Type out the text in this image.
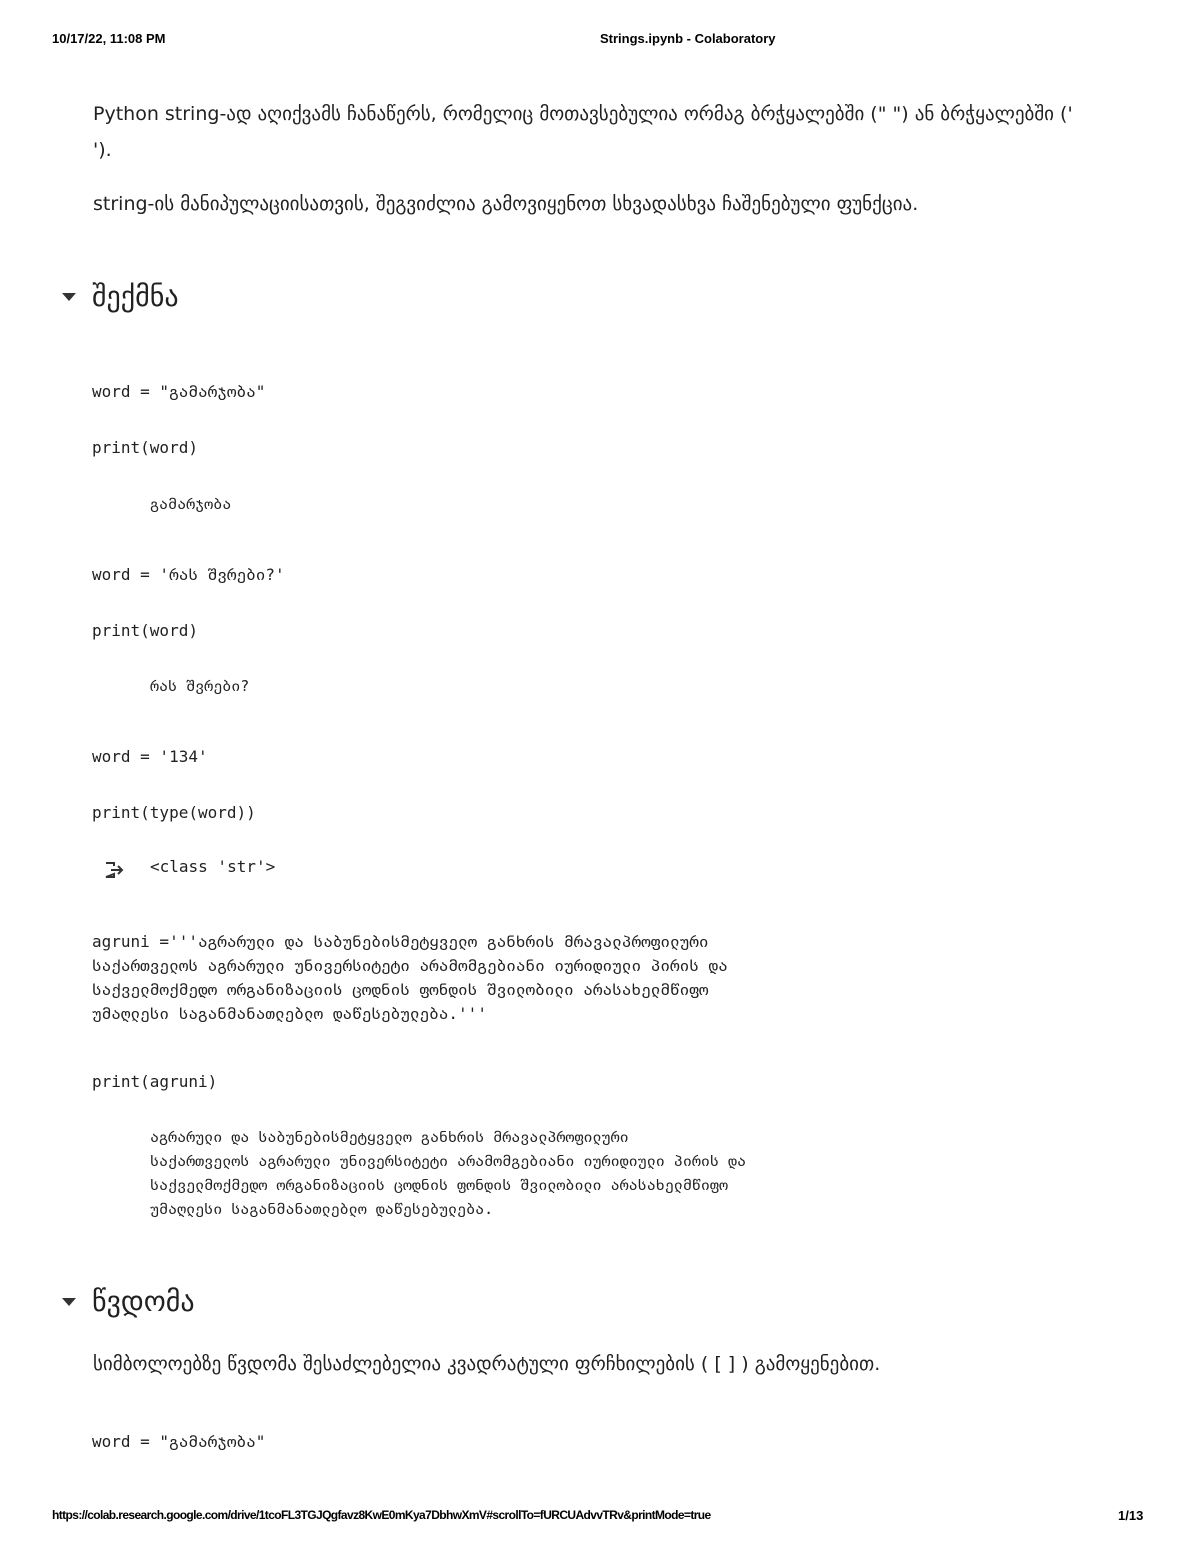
10/17/22, 11:08 PM	Strings.ipynb - Colaboratory
Python string-ად აღიქვამს ჩანაწერს, რომელიც მოთავსებულია ორმაგ ბრჭყალებში (" ") ან ბრჭყალებში (' ').
string-ის მანიპულაციისათვის, შეგვიძლია გამოვიყენოთ სხვადასხვა ჩაშენებული ფუნქცია.
შექმნა
word = "გამარჯობა"
print(word)
გამარჯობა
word = 'რას შვრები?'
print(word)
რას შვრები?
word = '134'
print(type(word))
<class 'str'>
agruni ='''აგრარული და საბუნებისმეტყველო განხრის მრავალპროფილური
საქართველოს აგრარული უნივერსიტეტი არამომგებიანი იურიდიული პირის და
საქველმოქმედო ორგანიზაციის ცოდნის ფონდის შვილობილი არასახელმწიფო
უმაღლესი საგანმანათლებლო დაწესებულება.'''
print(agruni)
აგრარული და საბუნებისმეტყველო განხრის მრავალპროფილური
საქართველოს აგრარული უნივერსიტეტი არამომგებიანი იურიდიული პირის და
საქველმოქმედო ორგანიზაციის ცოდნის ფონდის შვილობილი არასახელმწიფო
უმაღლესი საგანმანათლებლო დაწესებულება.
წვდომა
სიმბოლოებზე წვდომა შესაძლებელია კვადრატული ფრჩხილების ( [ ] ) გამოყენებით.
word = "გამარჯობა"
https://colab.research.google.com/drive/1tcoFL3TGJQgfavz8KwE0mKya7DbhwXmV#scrollTo=fURCUAdvvTRv&printMode=true	1/13
